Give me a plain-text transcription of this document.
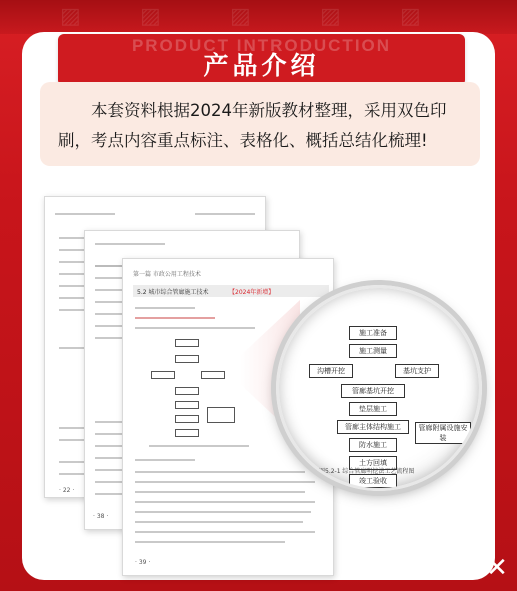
▨	▨	▨	▨	▨
PRODUCT INTRODUCTION
产品介绍

本套资料根据2024年新版教材整理，采用双色印刷，考点内容重点标注、表格化、概括总结化梳理!

· 22 ·
· 38 ·
第一篇 市政公用工程技术
5.2 城市综合管廊施工技术	【2024年新增】
· 39 ·
施工准备
施工测量
沟槽开挖	基坑支护
管廊基坑开挖
垫层施工
管廊主体结构施工
防水施工
土方回填
竣工验收
管廊附属设施安装
图5.2-1 综合管廊明挖法工艺流程图
✕
